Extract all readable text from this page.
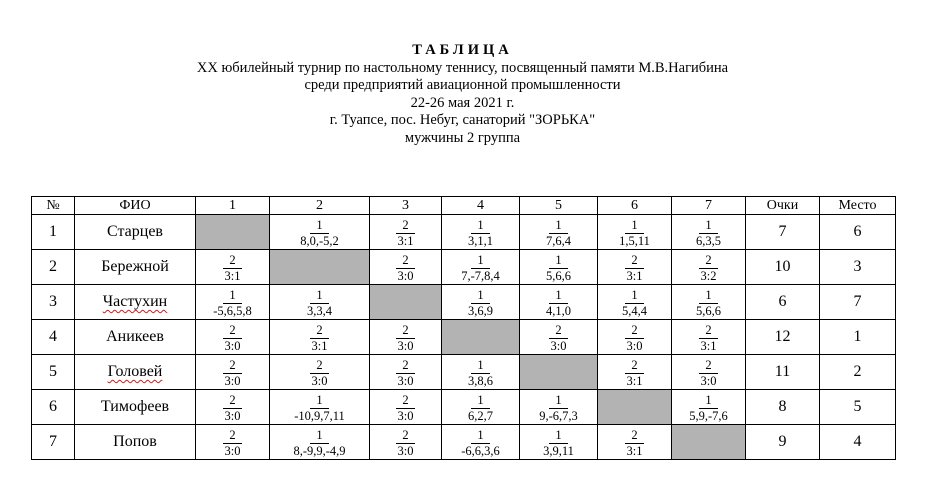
ТАБЛИЦА
XX юбилейный турнир по настольному теннису, посвященный памяти М.В.Нагибина
среди предприятий авиационной промышленности
22-26 мая 2021 г.
г. Туапсе, пос. Небуг, санаторий "ЗОРЬКА"
мужчины 2 группа
№	ФИО	1	2	3	4	5	6	7	Очки	Место
1	Старцев		$\frac{1}{8,0,-5,2}$	$\frac{2}{3:1}$	$\frac{1}{3,1,1}$	$\frac{1}{7,6,4}$	$\frac{1}{1,5,11}$	$\frac{1}{6,3,5}$	7	6
2	Бережной	$\frac{2}{3:1}$		$\frac{2}{3:0}$	$\frac{1}{7,-7,8,4}$	$\frac{1}{5,6,6}$	$\frac{2}{3:1}$	$\frac{2}{3:2}$	10	3
3	Частухин	$\frac{1}{-5,6,5,8}$	$\frac{1}{3,3,4}$		$\frac{1}{3,6,9}$	$\frac{1}{4,1,0}$	$\frac{1}{5,4,4}$	$\frac{1}{5,6,6}$	6	7
4	Аникеев	$\frac{2}{3:0}$	$\frac{2}{3:1}$	$\frac{2}{3:0}$		$\frac{2}{3:0}$	$\frac{2}{3:0}$	$\frac{2}{3:1}$	12	1
5	Головей	$\frac{2}{3:0}$	$\frac{2}{3:0}$	$\frac{2}{3:0}$	$\frac{1}{3,8,6}$		$\frac{2}{3:1}$	$\frac{2}{3:0}$	11	2
6	Тимофеев	$\frac{2}{3:0}$	$\frac{1}{-10,9,7,11}$	$\frac{2}{3:0}$	$\frac{1}{6,2,7}$	$\frac{1}{9,-6,7,3}$		$\frac{1}{5,9,-7,6}$	8	5
7	Попов	$\frac{2}{3:0}$	$\frac{1}{8,-9,9,-4,9}$	$\frac{2}{3:0}$	$\frac{1}{-6,6,3,6}$	$\frac{1}{3,9,11}$	$\frac{2}{3:1}$		9	4
